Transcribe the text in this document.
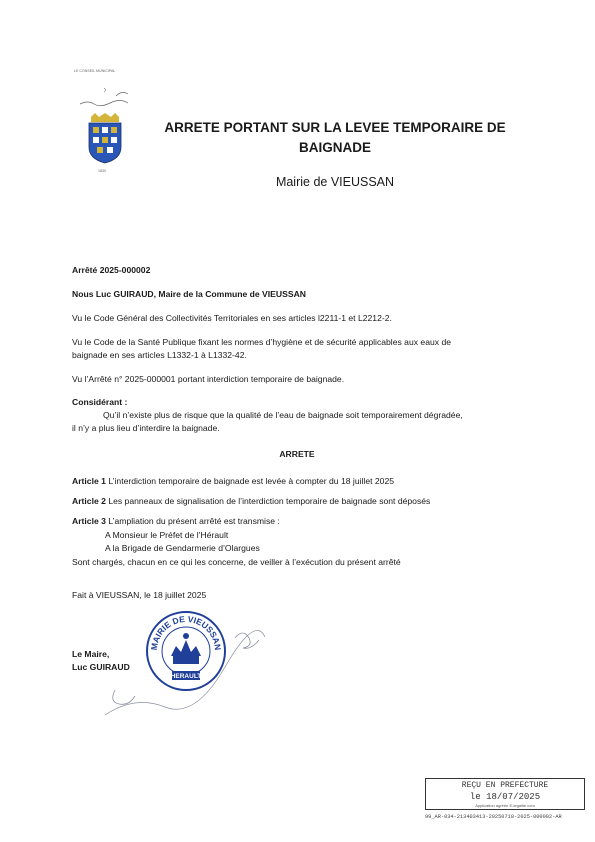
LE CONSEIL MUNICIPAL
1830
ARRETE PORTANT SUR LA LEVEE TEMPORAIRE DE BAIGNADE
Mairie de VIEUSSAN
Arrêté 2025-000002
Nous Luc GUIRAUD, Maire de la Commune de VIEUSSAN
Vu le Code Général des Collectivités Territoriales en ses articles l2211-1 et L2212-2.
Vu le Code de la Santé Publique fixant les normes d’hygiène et de sécurité applicables aux eaux de
baignade en ses articles L1332-1 à L1332-42.
Vu l’Arrêté n° 2025-000001 portant interdiction temporaire de baignade.
Considérant :
Qu’il n’existe plus de risque que la qualité de l’eau de baignade soit temporairement dégradée,
il n’y a plus lieu d’interdire la baignade.
ARRETE
Article 1 L’interdiction temporaire de baignade est levée à compter du 18 juillet 2025
Article 2 Les panneaux de signalisation de l’interdiction temporaire de baignade sont déposés
Article 3 L’ampliation du présent arrêté est transmise :
A Monsieur le Préfet de l’Hérault
A la Brigade de Gendarmerie d’Olargues
Sont chargés, chacun en ce qui les concerne, de veiller à l’exécution du présent arrêté
Fait à VIEUSSAN, le 18 juillet 2025
Le Maire,
Luc GUIRAUD
MAIRIE DE VIEUSSAN
HERAULT
REÇU EN PREFECTURE
le 18/07/2025
Application agréée E-legalite.com
99_AR-034-213403413-20250718-2025-000002-AR
